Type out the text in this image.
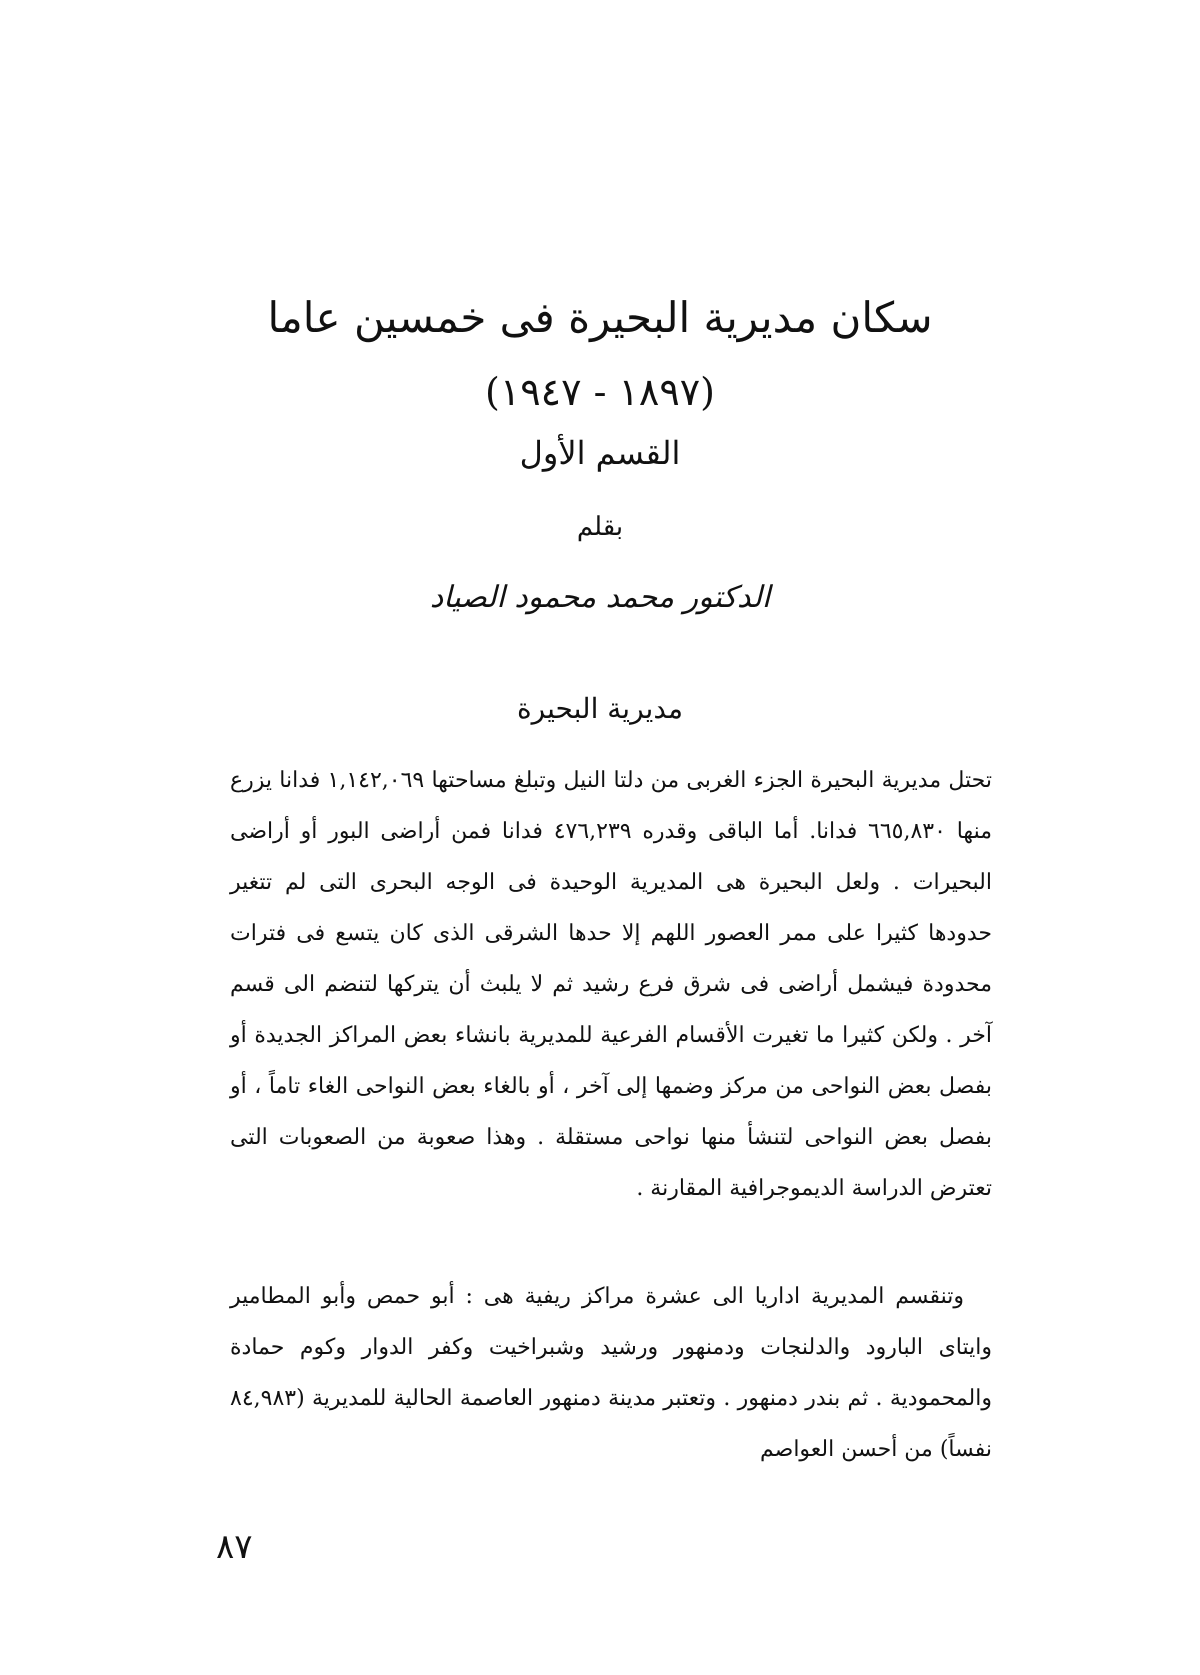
سكان مديرية البحيرة فى خمسين عاما
(١٨٩٧ - ١٩٤٧)
القسم الأول
بقلم
الدكتور محمد محمود الصياد
مديرية البحيرة
تحتل مديرية البحيرة الجزء الغربى من دلتا النيل وتبلغ مساحتها ١,١٤٢,٠٦٩ فدانا يزرع منها ٦٦٥,٨٣٠ فدانا. أما الباقى وقدره ٤٧٦,٢٣٩ فدانا فمن أراضى البور أو أراضى البحيرات . ولعل البحيرة هى المديرية الوحيدة فى الوجه البحرى التى لم تتغير حدودها كثيرا على ممر العصور اللهم إلا حدها الشرقى الذى كان يتسع فى فترات محدودة فيشمل أراضى فى شرق فرع رشيد ثم لا يلبث أن يتركها لتنضم الى قسم آخر . ولكن كثيرا ما تغيرت الأقسام الفرعية للمديرية بانشاء بعض المراكز الجديدة أو بفصل بعض النواحى من مركز وضمها إلى آخر ، أو بالغاء بعض النواحى الغاء تاماً ، أو بفصل بعض النواحى لتنشأ منها نواحى مستقلة . وهذا صعوبة من الصعوبات التى تعترض الدراسة الديموجرافية المقارنة .
وتنقسم المديرية اداريا الى عشرة مراكز ريفية هى : أبو حمص وأبو المطامير وايتاى البارود والدلنجات ودمنهور ورشيد وشبراخيت وكفر الدوار وكوم حمادة والمحمودية . ثم بندر دمنهور . وتعتبر مدينة دمنهور العاصمة الحالية للمديرية (٨٤,٩٨٣ نفساً) من أحسن العواصم
٨٧
